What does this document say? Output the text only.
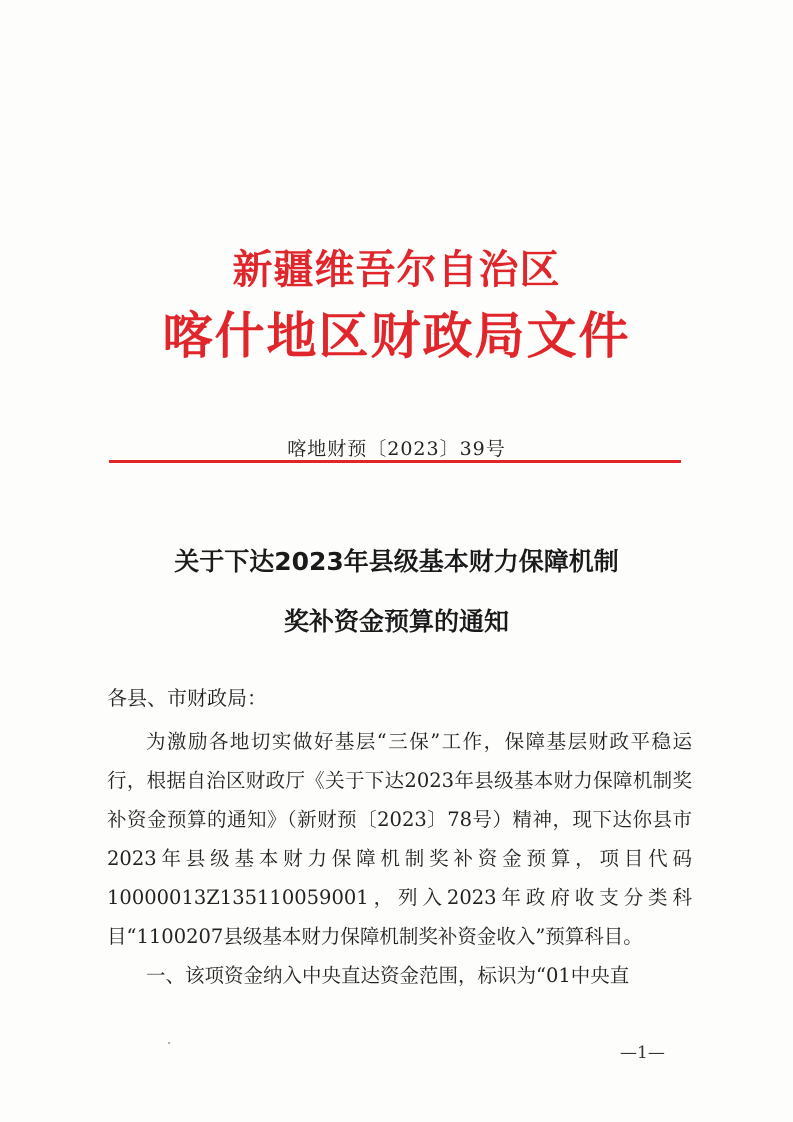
新疆维吾尔自治区
喀什地区财政局文件
喀地财预〔2023〕39号
关于下达2023年县级基本财力保障机制
奖补资金预算的通知
各县、市财政局：

为激励各地切实做好基层“三保”工作，保障基层财政平稳运行，根据自治区财政厅《关于下达2023年县级基本财力保障机制奖补资金预算的通知》（新财预〔2023〕78号）精神，现下达你县市2023年县级基本财力保障机制奖补资金预算，项目代码10000013Z135110059001，列入2023年政府收支分类科目“1100207县级基本财力保障机制奖补资金收入”预算科目。

一、该项资金纳入中央直达资金范围，标识为“01中央直

—1—
